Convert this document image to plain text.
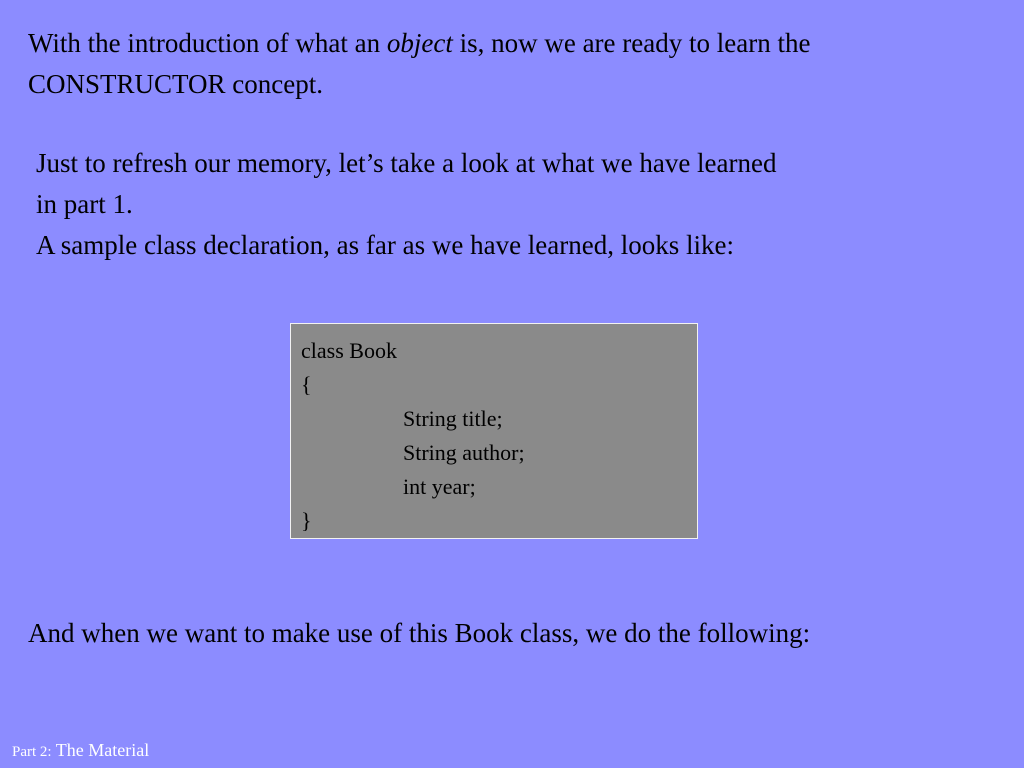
With the introduction of what an object is, now we are ready to learn the
CONSTRUCTOR concept.
Just to refresh our memory, let’s take a look at what we have learned
in part 1.
A sample class declaration, as far as we have learned, looks like:
class Book
{
String title;
String author;
int year;
}
And when we want to make use of this Book class, we do the following:
Part 2: The Material
